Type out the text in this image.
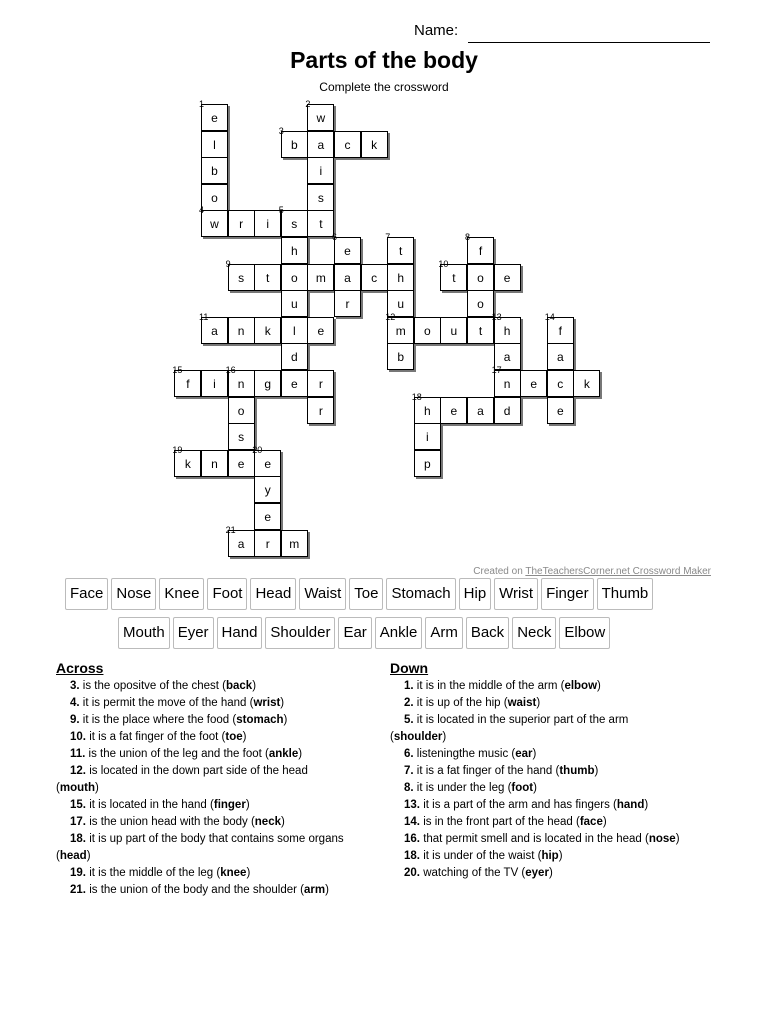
Name:
Parts of the body
Complete the crossword
e
1
w
2
l	b
3
a	c	k
b	i
o	s
w
4
r	i	s
5
t
h	e
6
t
7
f
8
s
9
t	o	m	a	c	h	t
10
o	e
u	r	u	o
a
11
n	k	l	e	m
12
o	u	t	h
13
f
14
d	b	a	a
f
15
i	n
16
g	e	r	n
17
e	c	k
o	r	h
18
e	a	d	e
s	i
k
19
n	e	e
20
p
y
e
a
21
r	m
Created on TheTeachersCorner.net Crossword Maker
Face Nose Knee Foot Head Waist Toe Stomach Hip Wrist Finger Thumb
Mouth Eyer Hand Shoulder Ear Ankle Arm Back Neck Elbow
Across
3. is the opositve of the chest (back)
4. it is permit the move of the hand (wrist)
9. it is the place where the food (stomach)
10. it is a fat finger of the foot (toe)
11. is the union of the leg and the foot (ankle)
12. is located in the down part side of the head
(mouth)
15. it is located in the hand (finger)
17. is the union head with the body (neck)
18. it is up part of the body that contains some organs
(head)
19. it is the middle of the leg (knee)
21. is the union of the body and the shoulder (arm)
Down
1. it is in the middle of the arm (elbow)
2. it is up of the hip (waist)
5. it is located in the superior part of the arm
(shoulder)
6. listeningthe music (ear)
7. it is a fat finger of the hand (thumb)
8. it is under the leg (foot)
13. it is a part of the arm and has fingers (hand)
14. is in the front part of the head (face)
16. that permit smell and is located in the head (nose)
18. it is under of the waist (hip)
20. watching of the TV (eyer)
